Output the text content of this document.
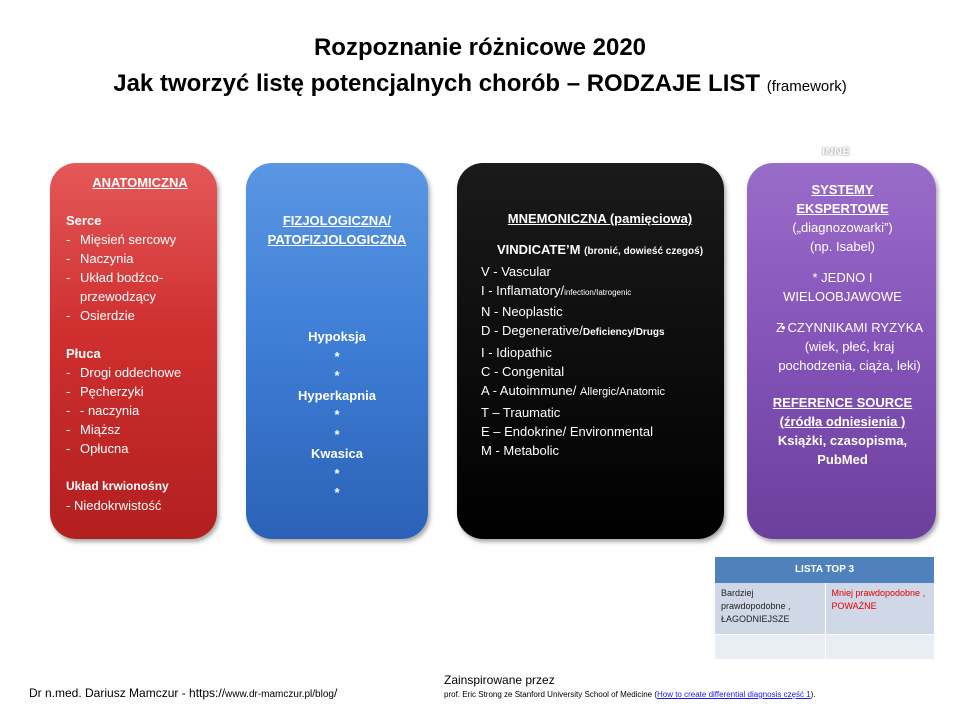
Rozpoznanie różnicowe 2020
Jak tworzyć listę potencjalnych chorób – RODZAJE LIST (framework)
INNE
ANATOMICZNA
Serce
- Mięsień sercowy
- Naczynia
- Układ bodźco-przewodzący
- Osierdzie
Płuca
- Drogi oddechowe
- Pęcherzyki
- - naczynia
- Miąższ
- Opłucna
Układ krwionośny
- Niedokrwistość
FIZJOLOGICZNA/
PATOFIZJOLOGICZNA
Hypoksja
*
*
Hyperkapnia
*
*
Kwasica
*
*
MNEMONICZNA (pamięciowa)
VINDICATE’M (bronić, dowieść czegoś)
V - Vascular
I - Inflamatory/infection/Iatrogenic
N - Neoplastic
D - Degenerative/Deficiency/Drugs
I - Idiopathic
C - Congenital
A - Autoimmune/ Allergic/Anatomic
T – Traumatic
E – Endokrine/ Environmental
M - Metabolic
SYSTEMY
EKSPERTOWE
(„diagnozowarki”)
(np. Isabel)
* JEDNO I WIELOOBJAWOWE
• Z CZYNNIKAMI RYZYKA (wiek, płeć, kraj pochodzenia, ciąża, leki)
REFERENCE SOURCE
(źródła odniesienia )
Książki, czasopisma, PubMed
LISTA TOP 3
Bardziej prawdopodobne , ŁAGODNIEJSZE
Mniej prawdopodobne , POWAŻNE
Dr n.med. Dariusz Mamczur - https://www.dr-mamczur.pl/blog/
Zainspirowane przez
prof. Eric Strong ze Stanford University School of Medicine (How to create differential diagnosis część 1).
